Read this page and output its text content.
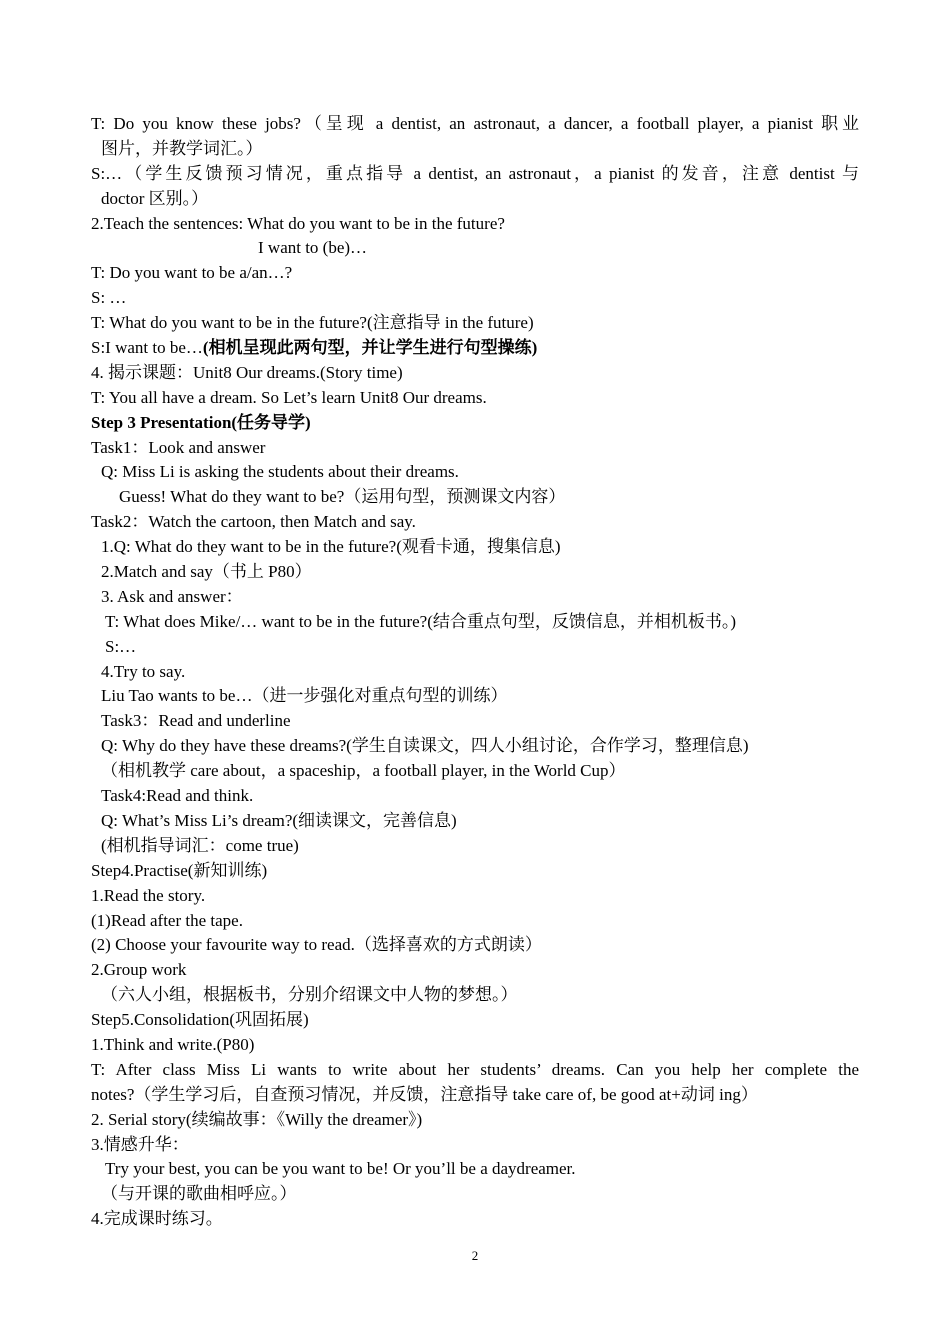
T: Do you know these jobs?（呈现 a dentist, an astronaut, a dancer, a football player, a pianist 职业
图片，并教学词汇。）
S:…（学生反馈预习情况，重点指导 a dentist, an astronaut，a pianist 的发音，注意 dentist 与
doctor 区别。）
2.Teach the sentences: What do you want to be in the future?
I want to (be)…
T: Do you want to be a/an…?
S: …
T: What do you want to be in the future?(注意指导 in the future)
S:I want to be…(相机呈现此两句型，并让学生进行句型操练)
4. 揭示课题：Unit8 Our dreams.(Story time)
T: You all have a dream. So Let’s learn Unit8 Our dreams.
Step 3 Presentation(任务导学)
Task1：Look and answer
Q: Miss Li is asking the students about their dreams.
Guess! What do they want to be?（运用句型，预测课文内容）
Task2：Watch the cartoon, then Match and say.
1.Q: What do they want to be in the future?(观看卡通，搜集信息)
2.Match and say（书上 P80）
3. Ask and answer：
T: What does Mike/… want to be in the future?(结合重点句型，反馈信息，并相机板书。)
S:…
4.Try to say.
Liu Tao wants to be…（进一步强化对重点句型的训练）
Task3：Read and underline
Q: Why do they have these dreams?(学生自读课文，四人小组讨论，合作学习，整理信息)
（相机教学 care about，a spaceship，a football player, in the World Cup）
Task4:Read and think.
Q: What’s Miss Li’s dream?(细读课文，完善信息)
(相机指导词汇：come true)
Step4.Practise(新知训练)
1.Read the story.
(1)Read after the tape.
(2) Choose your favourite way to read.（选择喜欢的方式朗读）
2.Group work
（六人小组，根据板书，分别介绍课文中人物的梦想。）
Step5.Consolidation(巩固拓展)
1.Think and write.(P80)
T: After class Miss Li wants to write about her students’ dreams. Can you help her complete the
notes?（学生学习后，自查预习情况，并反馈，注意指导 take care of, be good at+动词 ing）
2. Serial story(续编故事：《Willy the dreamer》)
3.情感升华：
Try your best, you can be you want to be! Or you’ll be a daydreamer.
（与开课的歌曲相呼应。）
4.完成课时练习。
2
